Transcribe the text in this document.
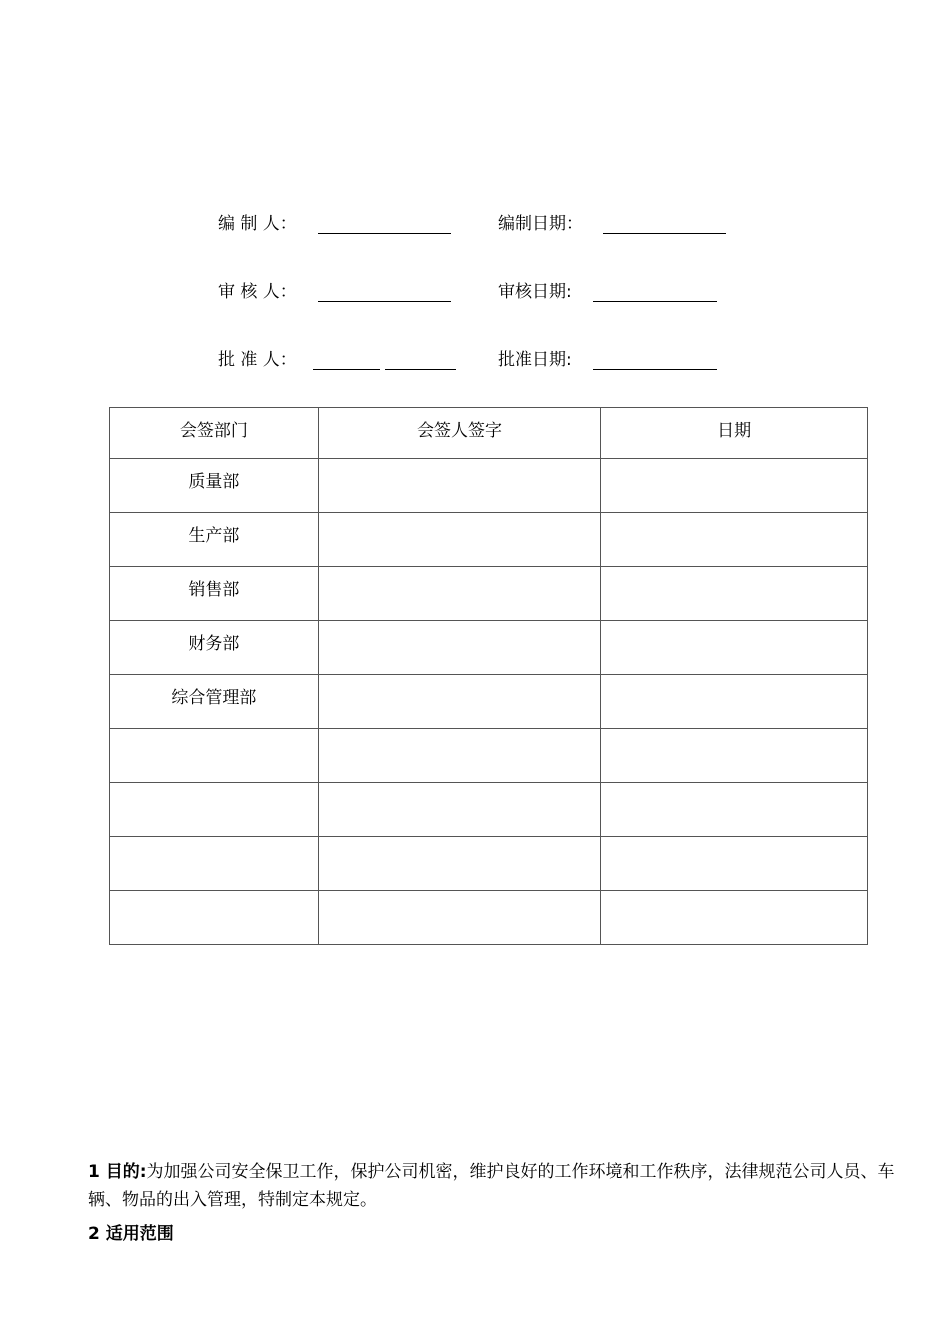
编 制 人：	编制日期：
审 核 人：	审核日期:
批 准 人：	批准日期:
会签部门	会签人签字	日期
质量部		
生产部		
销售部		
财务部		
综合管理部		

1 目的:为加强公司安全保卫工作，保护公司机密，维护良好的工作环境和工作秩序，法律规范公司人员、车辆、物品的出入管理，特制定本规定。
2 适用范围
